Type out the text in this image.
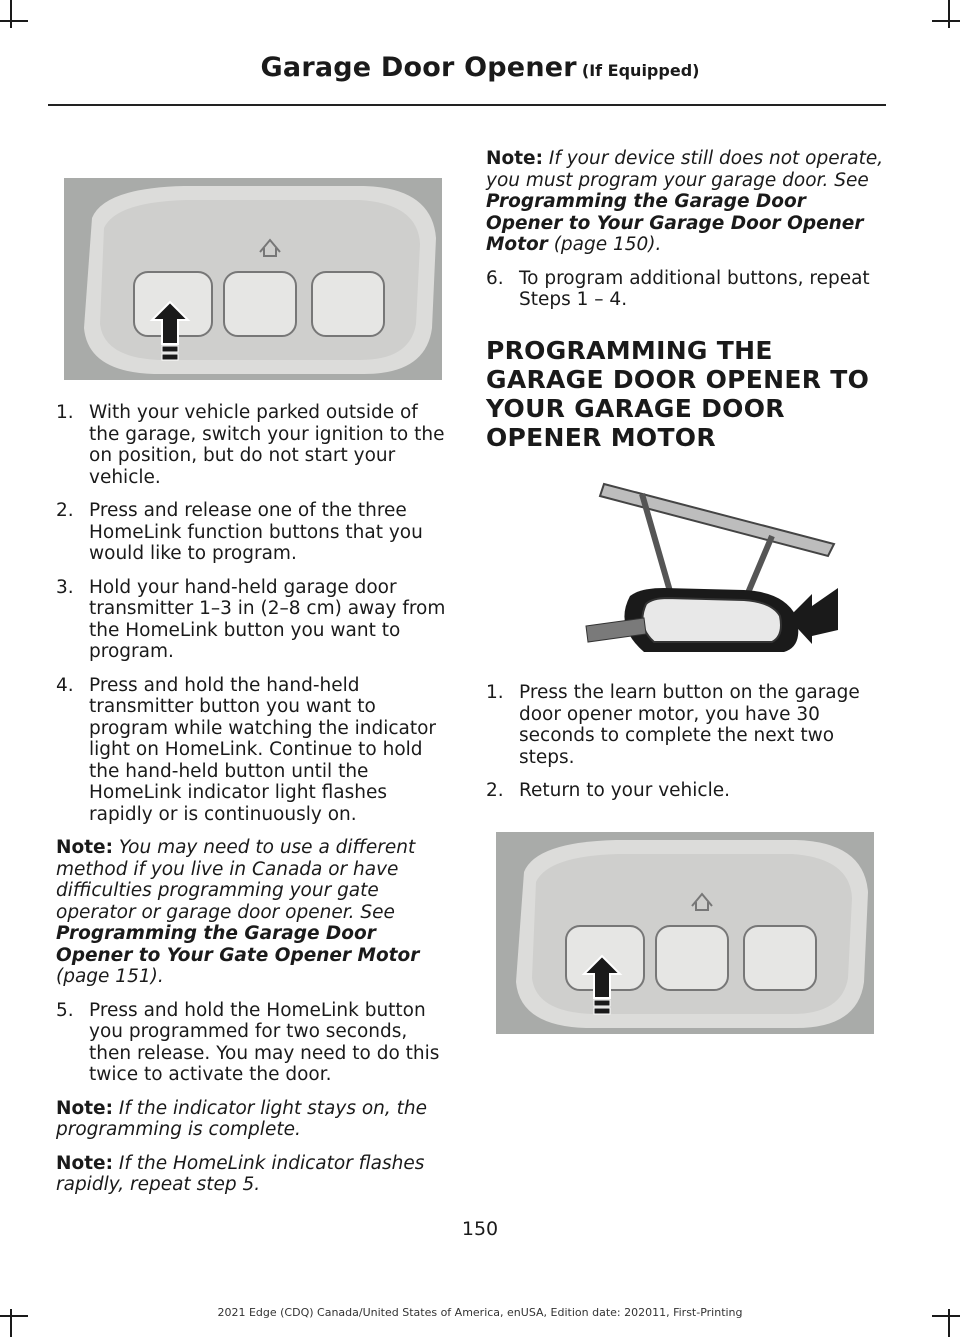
Garage Door Opener (If Equipped)
1. With your vehicle parked outside of the garage, switch your ignition to the on position, but do not start your vehicle.
2. Press and release one of the three HomeLink function buttons that you would like to program.
3. Hold your hand-held garage door transmitter 1–3 in (2–8 cm) away from the HomeLink button you want to program.
4. Press and hold the hand-held transmitter button you want to program while watching the indicator light on HomeLink. Continue to hold the hand-held button until the HomeLink indicator light flashes rapidly or is continuously on.

Note: You may need to use a different method if you live in Canada or have difficulties programming your gate operator or garage door opener. See Programming the Garage Door Opener to Your Gate Opener Motor (page 151).

5. Press and hold the HomeLink button you programmed for two seconds, then release. You may need to do this twice to activate the door.

Note: If the indicator light stays on, the programming is complete.

Note: If the HomeLink indicator flashes rapidly, repeat step 5.

Note: If your device still does not operate, you must program your garage door. See Programming the Garage Door Opener to Your Garage Door Opener Motor (page 150).

6. To program additional buttons, repeat Steps 1 – 4.
PROGRAMMING THE GARAGE DOOR OPENER TO YOUR GARAGE DOOR OPENER MOTOR
1. Press the learn button on the garage door opener motor, you have 30 seconds to complete the next two steps.
2. Return to your vehicle.
150
2021 Edge (CDQ) Canada/United States of America, enUSA, Edition date: 202011, First-Printing
